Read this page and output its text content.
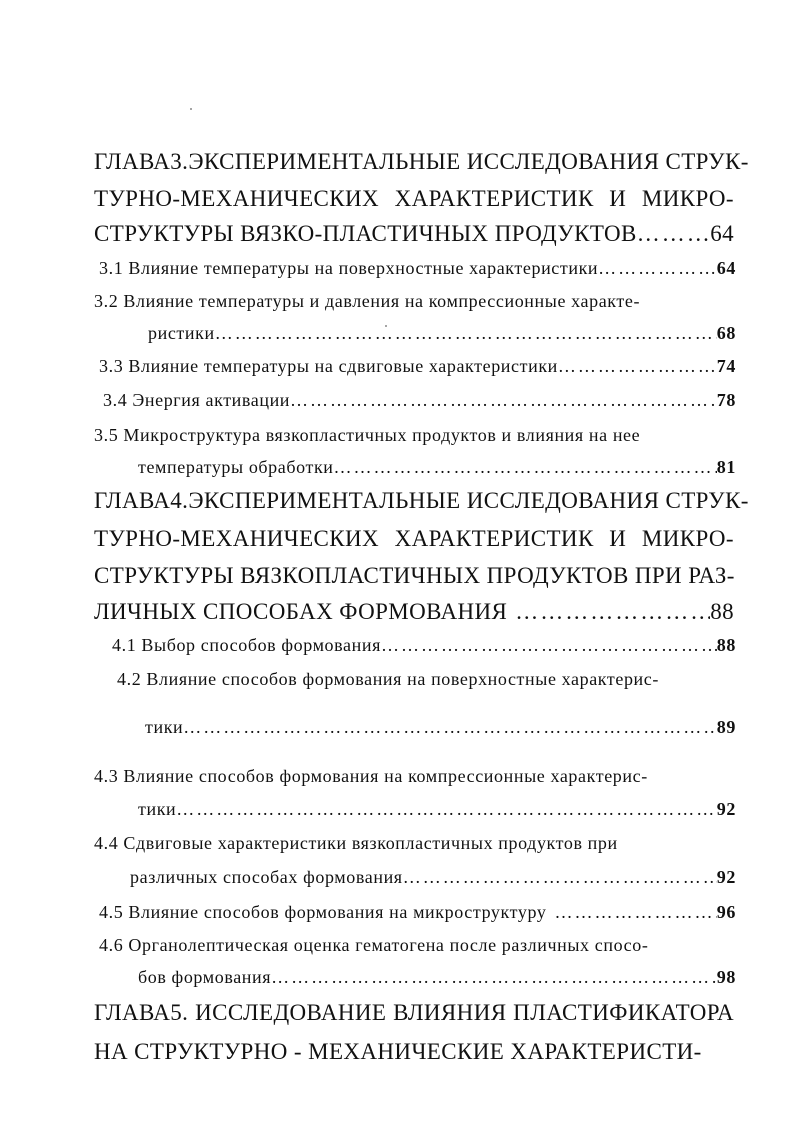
ГЛАВА3.ЭКСПЕРИМЕНТАЛЬНЫЕ ИССЛЕДОВАНИЯ СТРУК-
ТУРНО-МЕХАНИЧЕСКИХ ХАРАКТЕРИСТИК И МИКРО-
СТРУКТУРЫ ВЯЗКО-ПЛАСТИЧНЫХ ПРОДУКТОВ …………………………………………………………………………………………………………………………	64
3.1 Влияние температуры на поверхностные характеристики …………………………………………………………………………………………………………………………	64
3.2 Влияние температуры и давления на компрессионные характе-
ристики …………………………………………………………………………………………………………………………	68
3.3 Влияние температуры на сдвиговые характеристики …………………………………………………………………………………………………………………………	74
3.4 Энергия активации …………………………………………………………………………………………………………………………	78
3.5 Микроструктура вязкопластичных продуктов и влияния на нее
температуры обработки …………………………………………………………………………………………………………………………	81
ГЛАВА4.ЭКСПЕРИМЕНТАЛЬНЫЕ ИССЛЕДОВАНИЯ СТРУК-
ТУРНО-МЕХАНИЧЕСКИХ ХАРАКТЕРИСТИК И МИКРО-
СТРУКТУРЫ ВЯЗКОПЛАСТИЧНЫХ ПРОДУКТОВ ПРИ РАЗ-
ЛИЧНЫХ СПОСОБАХ ФОРМОВАНИЯ …………………………………………………………………………………………………………………………	88
4.1 Выбор способов формования …………………………………………………………………………………………………………………………	88
4.2 Влияние способов формования на поверхностные характерис-
тики …………………………………………………………………………………………………………………………	89
4.3 Влияние способов формования на компрессионные характерис-
тики …………………………………………………………………………………………………………………………	92
4.4 Сдвиговые характеристики вязкопластичных продуктов при
различных способах формования …………………………………………………………………………………………………………………………	92
4.5 Влияние способов формования на микроструктуру …………………………………………………………………………………………………………………………	96
4.6 Органолептическая оценка гематогена после различных спосо-
бов формования …………………………………………………………………………………………………………………………	98
ГЛАВА5. ИССЛЕДОВАНИЕ ВЛИЯНИЯ ПЛАСТИФИКАТОРА
НА СТРУКТУРНО - МЕХАНИЧЕСКИЕ ХАРАКТЕРИСТИ-
